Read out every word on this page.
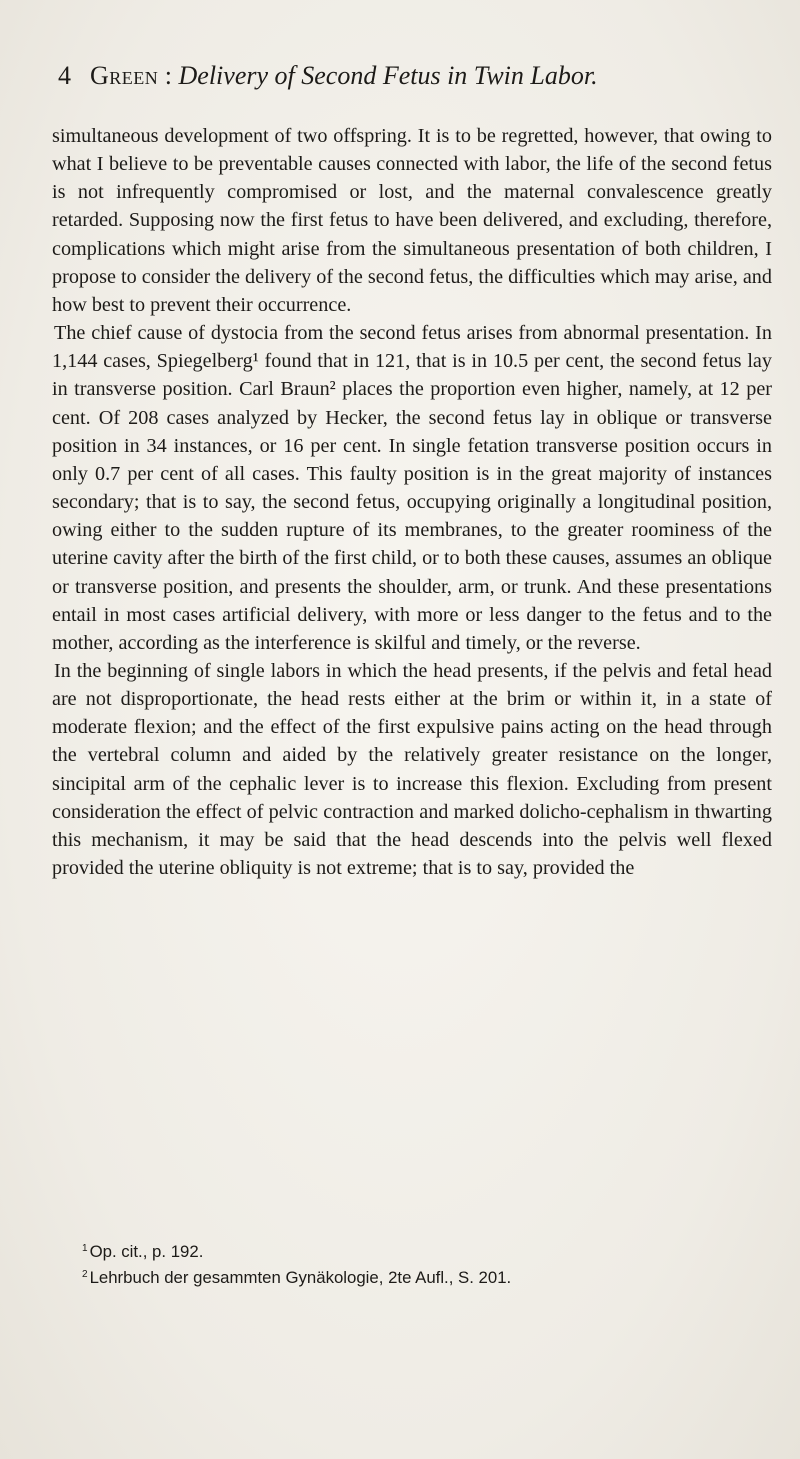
4 Green : Delivery of Second Fetus in Twin Labor.

simultaneous development of two offspring. It is to be regretted, however, that owing to what I believe to be preventable causes connected with labor, the life of the second fetus is not infrequently compromised or lost, and the maternal convalescence greatly retarded. Supposing now the first fetus to have been delivered, and excluding, therefore, complications which might arise from the simultaneous presentation of both children, I propose to consider the delivery of the second fetus, the difficulties which may arise, and how best to prevent their occurrence.

The chief cause of dystocia from the second fetus arises from abnormal presentation. In 1,144 cases, Spiegelberg¹ found that in 121, that is in 10.5 per cent, the second fetus lay in transverse position. Carl Braun² places the proportion even higher, namely, at 12 per cent. Of 208 cases analyzed by Hecker, the second fetus lay in oblique or transverse position in 34 instances, or 16 per cent. In single fetation transverse position occurs in only 0.7 per cent of all cases. This faulty position is in the great majority of instances secondary; that is to say, the second fetus, occupying originally a longitudinal position, owing either to the sudden rupture of its membranes, to the greater roominess of the uterine cavity after the birth of the first child, or to both these causes, assumes an oblique or transverse position, and presents the shoulder, arm, or trunk. And these presentations entail in most cases artificial delivery, with more or less danger to the fetus and to the mother, according as the interference is skilful and timely, or the reverse.

In the beginning of single labors in which the head presents, if the pelvis and fetal head are not disproportionate, the head rests either at the brim or within it, in a state of moderate flexion; and the effect of the first expulsive pains acting on the head through the vertebral column and aided by the relatively greater resistance on the longer, sincipital arm of the cephalic lever is to increase this flexion. Excluding from present consideration the effect of pelvic contraction and marked dolicho-cephalism in thwarting this mechanism, it may be said that the head descends into the pelvis well flexed provided the uterine obliquity is not extreme; that is to say, provided the

$^1$ Op. cit., p. 192.
$^2$ Lehrbuch der gesammten Gynäkologie, 2te Aufl., S. 201.
